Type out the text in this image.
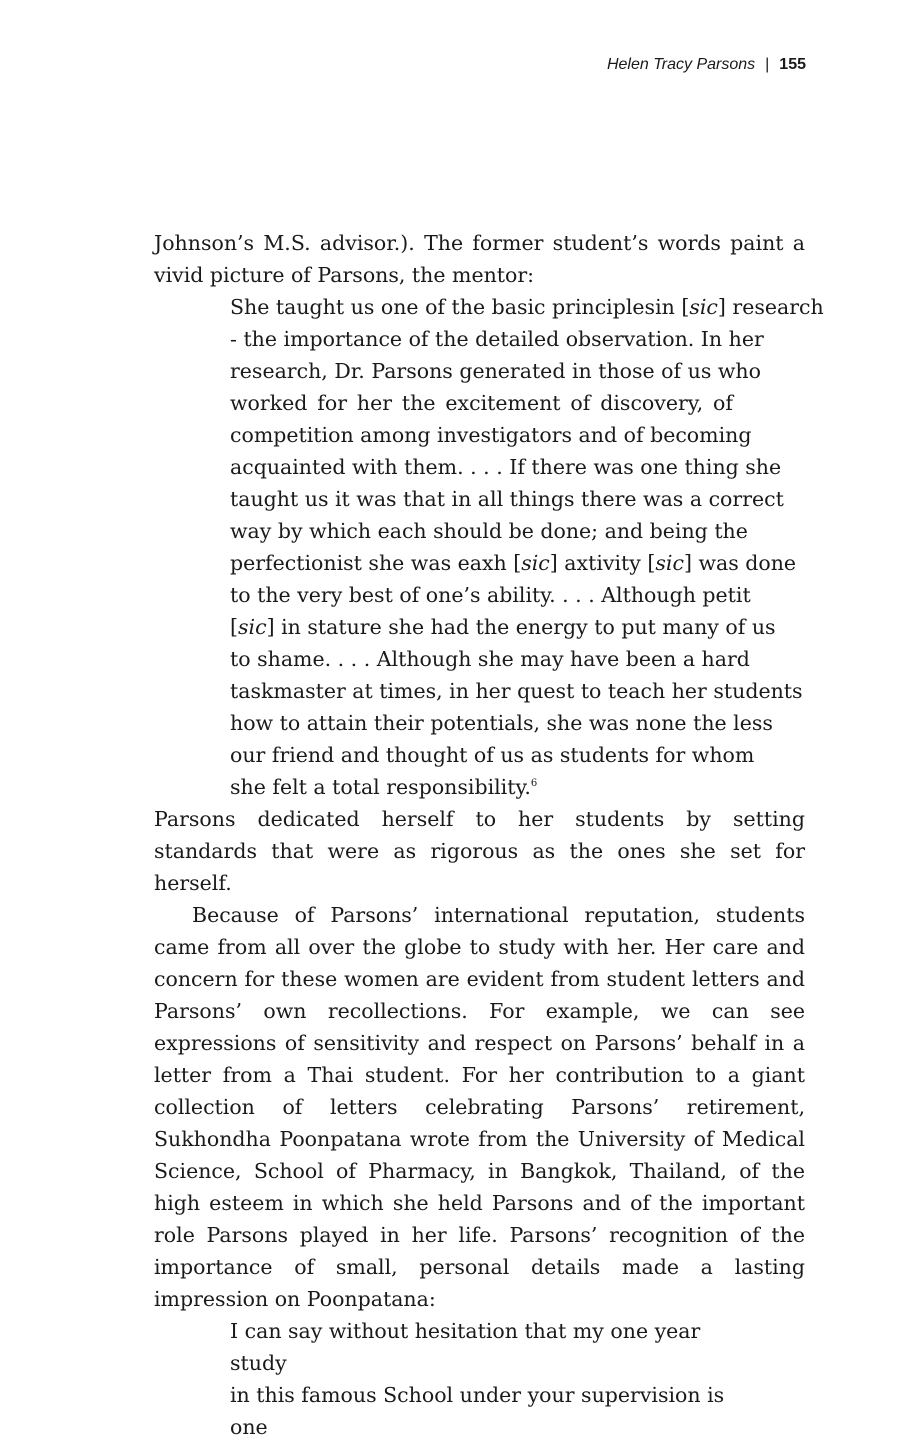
Helen Tracy Parsons | 155

Johnson’s M.S. advisor.). The former student’s words paint a vivid picture of Parsons, the mentor:

She taught us one of the basic principlesin [sic] research
- the importance of the detailed observation. In her
research, Dr. Parsons generated in those of us who
worked for her the excitement of discovery, of
competition among investigators and of becoming
acquainted with them. . . . If there was one thing she
taught us it was that in all things there was a correct
way by which each should be done; and being the
perfectionist she was eaxh [sic] axtivity [sic] was done
to the very best of one’s ability. . . . Although petit
[sic] in stature she had the energy to put many of us
to shame. . . . Although she may have been a hard
taskmaster at times, in her quest to teach her students
how to attain their potentials, she was none the less
our friend and thought of us as students for whom
she felt a total responsibility.$^6$

Parsons dedicated herself to her students by setting standards that were as rigorous as the ones she set for herself.

Because of Parsons’ international reputation, students came from all over the globe to study with her. Her care and concern for these women are evident from student letters and Parsons’ own recollections. For example, we can see expressions of sensitivity and respect on Parsons’ behalf in a letter from a Thai student. For her contribution to a giant collection of letters celebrating Parsons’ retirement, Sukhondha Poonpatana wrote from the University of Medical Science, School of Pharmacy, in Bangkok, Thailand, of the high esteem in which she held Parsons and of the important role Parsons played in her life. Parsons’ recognition of the importance of small, personal details made a lasting impression on Poonpatana:

I can say without hesitation that my one year study
in this famous School under your supervision is one
